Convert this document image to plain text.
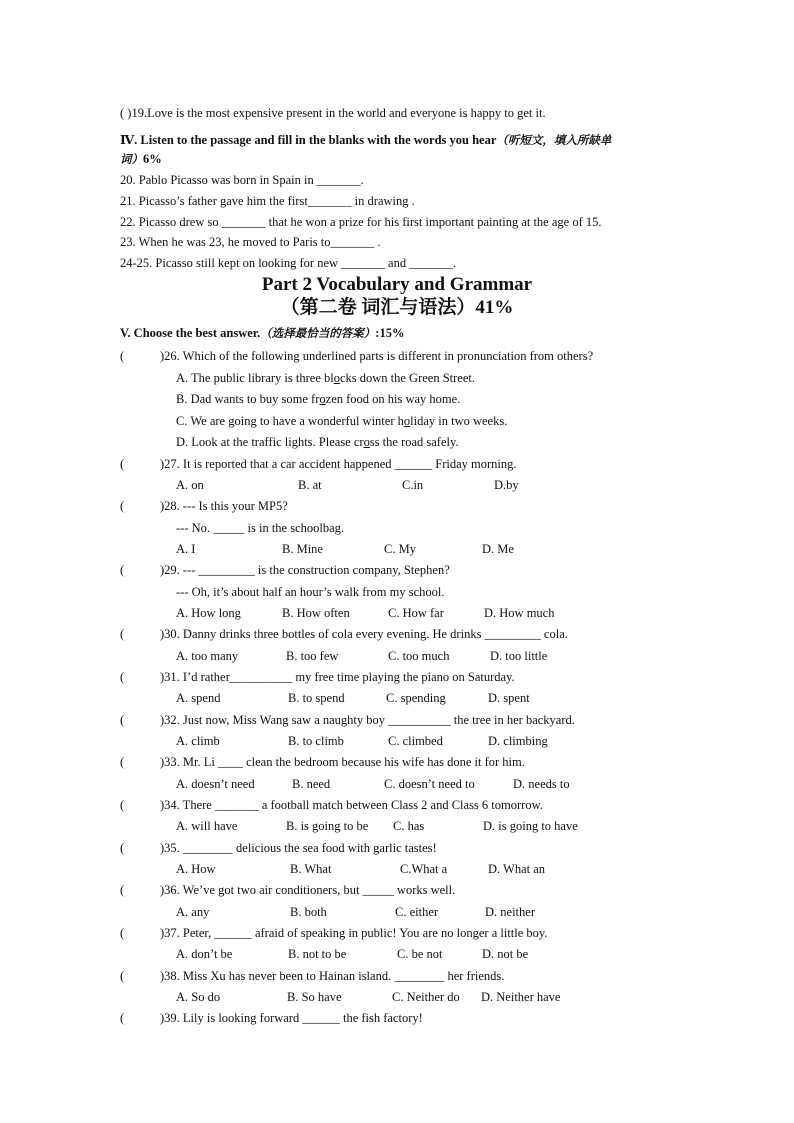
( )19.Love is the most expensive present in the world and everyone is happy to get it.
Ⅳ. Listen to the passage and fill in the blanks with the words you hear（听短文，填入所缺单
词）6%
20. Pablo Picasso was born in Spain in _______.
21. Picasso’s father gave him the first_______ in drawing .
22. Picasso drew so _______ that he won a prize for his first important painting at the age of 15.
23. When he was 23, he moved to Paris to_______ .
24-25. Picasso still kept on looking for new _______ and _______.
Part 2 Vocabulary and Grammar
（第二卷 词汇与语法）41%
V. Choose the best answer.（选择最恰当的答案）:15%
(	)26. Which of the following underlined parts is different in pronunciation from others?
A. The public library is three blocks down the Green Street.
B. Dad wants to buy some frozen food on his way home.
C. We are going to have a wonderful winter holiday in two weeks.
D. Look at the traffic lights. Please cross the road safely.
(	)27. It is reported that a car accident happened ______ Friday morning.
A. on	B. at	C.in	D.by
(	)28. --- Is this your MP5?
--- No. _____ is in the schoolbag.
A. I	B. Mine	C. My	D. Me
(	)29. --- _________ is the construction company, Stephen?
--- Oh, it’s about half an hour’s walk from my school.
A. How long	B. How often	C. How far	D. How much
(	)30. Danny drinks three bottles of cola every evening. He drinks _________ cola.
A. too many	B. too few	C. too much	D. too little
(	)31. I’d rather__________ my free time playing the piano on Saturday.
A. spend	B. to spend	C. spending	D. spent
(	)32. Just now, Miss Wang saw a naughty boy __________ the tree in her backyard.
A. climb	B. to climb	C. climbed	D. climbing
(	)33. Mr. Li ____ clean the bedroom because his wife has done it for him.
A. doesn’t need	B. need	C. doesn’t need to	D. needs to
(	)34. There _______ a football match between Class 2 and Class 6 tomorrow.
A. will have	B. is going to be C. has	D. is going to have
(	)35. ________ delicious the sea food with garlic tastes!
A. How	B. What	C.What a	D. What an
(	)36. We’ve got two air conditioners, but _____ works well.
A. any	B. both	C. either	D. neither
(	)37. Peter, ______ afraid of speaking in public! You are no longer a little boy.
A. don’t be	B. not to be	C. be not	D. not be
(	)38. Miss Xu has never been to Hainan island. ________ her friends.
A. So do	B. So have	C. Neither do D. Neither have
(	)39. Lily is looking forward ______ the fish factory!
